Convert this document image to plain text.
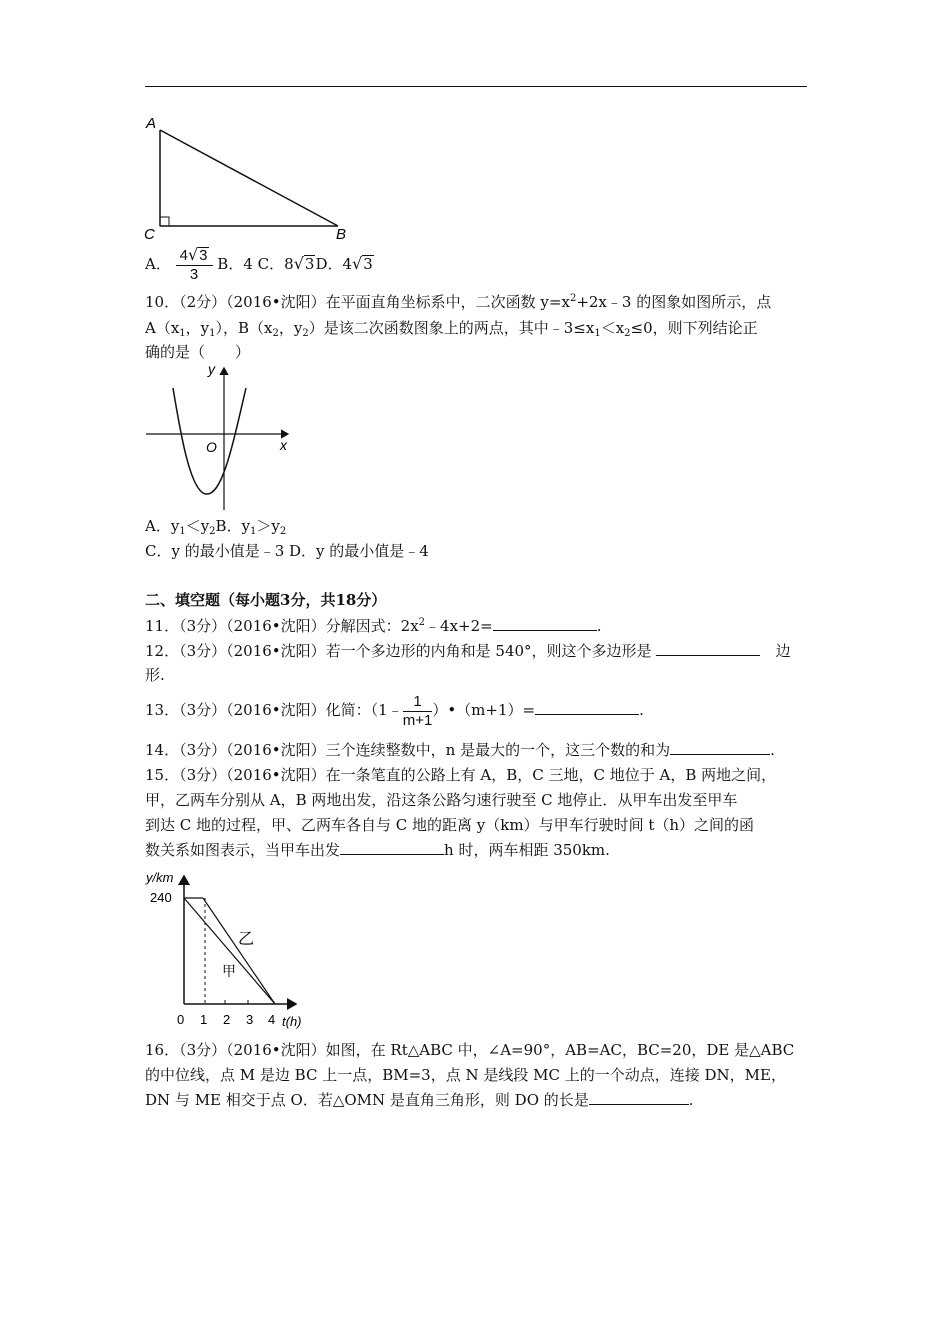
A
C	B
A． $\frac{4√3}{3}$ B．4 C．8√3D．4√3
10．（2分）（2016•沈阳）在平面直角坐标系中，二次函数 $y=x^2+2x﹣3$ 的图象如图所示，点
$A(x_1$，$y_1$），$B(x_2$，$y_2$）是该二次函数图象上的两点，其中$﹣3\le x_1<x_2\le 0$，则下列结论正
确的是（　　）
y
x
O
A．$y_1<y_2B$．$y_1>y_2$
C．y 的最小值是﹣3 D．y 的最小值是﹣4
二、填空题（每小题3分，共18分）
11．（3分）（2016•沈阳）分解因式：$2x^2﹣4x+2=$	.
12．（3分）（2016•沈阳）若一个多边形的内角和是 540°，则这个多边形是	边
形.
13．（3分）（2016•沈阳）化简：（1﹣ $\frac{1}{m+1}$ ）•（m+1）=	.
14．（3分）（2016•沈阳）三个连续整数中，n 是最大的一个，这三个数的和为	.
15．（3分）（2016•沈阳）在一条笔直的公路上有 A，B，C 三地，C 地位于 A，B 两地之间，
甲，乙两车分别从 A，B 两地出发，沿这条公路匀速行驶至 C 地停止．从甲车出发至甲车
到达 C 地的过程，甲、乙两车各自与 C 地的距离 y（km）与甲车行驶时间 t（h）之间的函
数关系如图表示，当甲车出发	h 时，两车相距 350km.
y/km
240
0 1 2 3 4 t(h)
乙
甲
16．（3分）（2016•沈阳）如图，在 Rt△ABC 中，∠A=90°，AB=AC，BC=20，DE 是△ABC
的中位线，点 M 是边 BC 上一点，BM=3，点 N 是线段 MC 上的一个动点，连接 DN，ME，
DN 与 ME 相交于点 O．若△OMN 是直角三角形，则 DO 的长是	.
